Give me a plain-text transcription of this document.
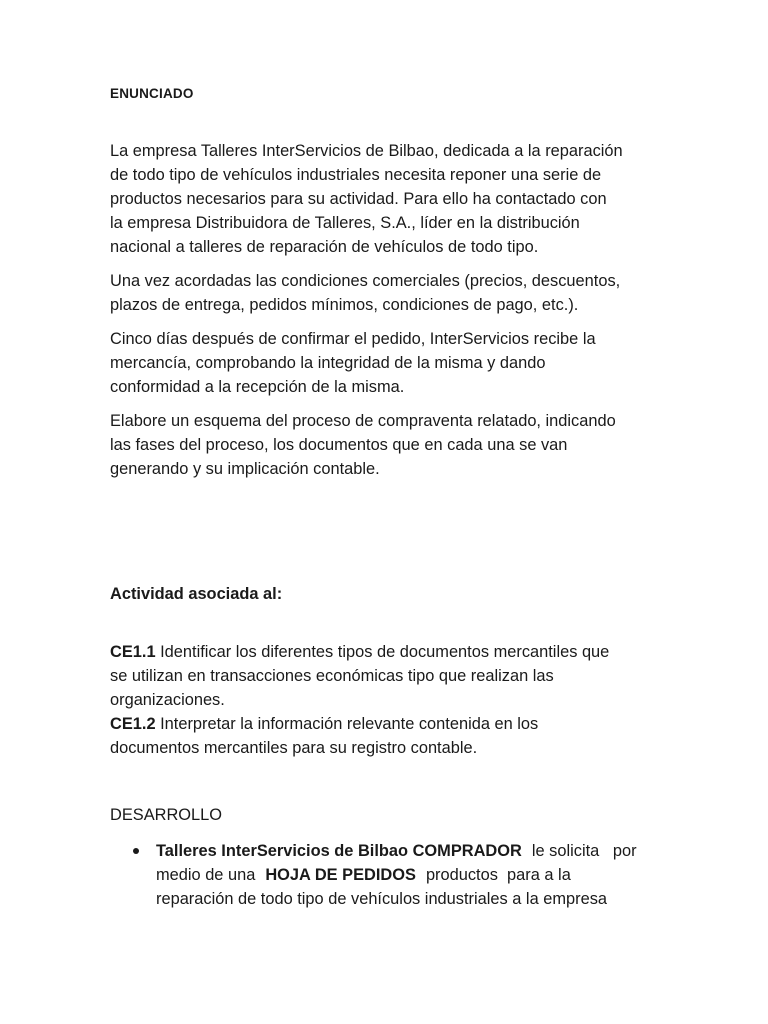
ENUNCIADO

La empresa Talleres InterServicios de Bilbao, dedicada a la reparación
de todo tipo de vehículos industriales necesita reponer una serie de
productos necesarios para su actividad. Para ello ha contactado con
la empresa Distribuidora de Talleres, S.A., líder en la distribución
nacional a talleres de reparación de vehículos de todo tipo.

Una vez acordadas las condiciones comerciales (precios, descuentos,
plazos de entrega, pedidos mínimos, condiciones de pago, etc.).

Cinco días después de confirmar el pedido, InterServicios recibe la
mercancía, comprobando la integridad de la misma y dando
conformidad a la recepción de la misma.

Elabore un esquema del proceso de compraventa relatado, indicando
las fases del proceso, los documentos que en cada una se van
generando y su implicación contable.

Actividad asociada al:

CE1.1 Identificar los diferentes tipos de documentos mercantiles que
se utilizan en transacciones económicas tipo que realizan las
organizaciones.
CE1.2 Interpretar la información relevante contenida en los
documentos mercantiles para su registro contable.

DESARROLLO

Talleres InterServicios de Bilbao COMPRADOR le solicita   por
medio de una HOJA DE PEDIDOS productos  para a la
reparación de todo tipo de vehículos industriales a la empresa
